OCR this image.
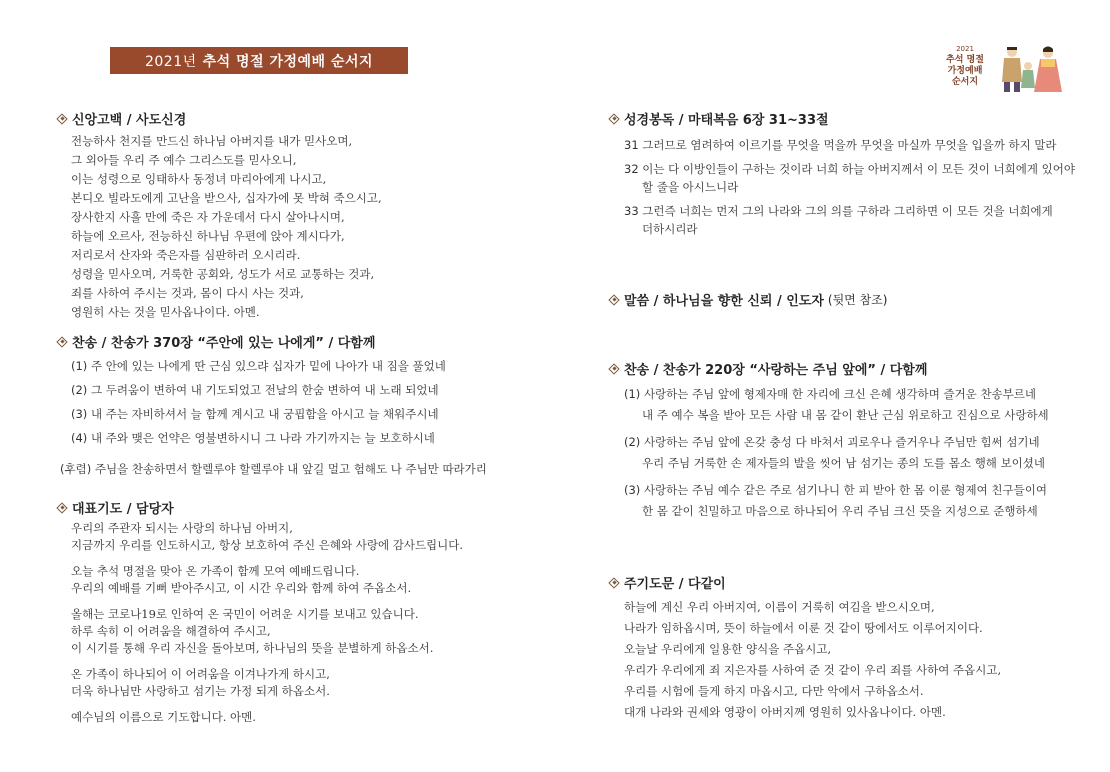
2021년 추석 명절 가정예배 순서지
2021
추석 명절
가정예배
순서지
신앙고백 / 사도신경
전능하사 천지를 만드신 하나님 아버지를 내가 믿사오며,
그 외아들 우리 주 예수 그리스도를 믿사오니,
이는 성령으로 잉태하사 동정녀 마리아에게 나시고,
본디오 빌라도에게 고난을 받으사, 십자가에 못 박혀 죽으시고,
장사한지 사흘 만에 죽은 자 가운데서 다시 살아나시며,
하늘에 오르사, 전능하신 하나님 우편에 앉아 계시다가,
저리로서 산자와 죽은자를 심판하러 오시리라.
성령을 믿사오며, 거룩한 공회와, 성도가 서로 교통하는 것과,
죄를 사하여 주시는 것과, 몸이 다시 사는 것과,
영원히 사는 것을 믿사옵나이다. 아멘.
찬송 / 찬송가 370장 “주안에 있는 나에게” / 다함께
(1) 주 안에 있는 나에게 딴 근심 있으랴 십자가 밑에 나아가 내 짐을 풀었네
(2) 그 두려움이 변하여 내 기도되었고 전날의 한숨 변하여 내 노래 되었네
(3) 내 주는 자비하셔서 늘 함께 계시고 내 궁핍함을 아시고 늘 채워주시네
(4) 내 주와 맺은 언약은 영불변하시니 그 나라 가기까지는 늘 보호하시네
(후렴) 주님을 찬송하면서 할렐루야 할렐루야 내 앞길 멀고 험해도 나 주님만 따라가리
대표기도 / 담당자
우리의 주관자 되시는 사랑의 하나님 아버지,
지금까지 우리를 인도하시고, 항상 보호하여 주신 은혜와 사랑에 감사드립니다.
오늘 추석 명절을 맞아 온 가족이 함께 모여 예배드립니다.
우리의 예배를 기뻐 받아주시고, 이 시간 우리와 함께 하여 주옵소서.
올해는 코로나19로 인하여 온 국민이 어려운 시기를 보내고 있습니다.
하루 속히 이 어려움을 해결하여 주시고,
이 시기를 통해 우리 자신을 돌아보며, 하나님의 뜻을 분별하게 하옵소서.
온 가족이 하나되어 이 어려움을 이겨나가게 하시고,
더욱 하나님만 사랑하고 섬기는 가정 되게 하옵소서.
예수님의 이름으로 기도합니다. 아멘.
성경봉독 / 마태복음 6장 31~33절
31 그러므로 염려하여 이르기를 무엇을 먹을까 무엇을 마실까 무엇을 입을까 하지 말라
32 이는 다 이방인들이 구하는 것이라 너희 하늘 아버지께서 이 모든 것이 너희에게 있어야
할 줄을 아시느니라
33 그런즉 너희는 먼저 그의 나라와 그의 의를 구하라 그리하면 이 모든 것을 너희에게
더하시리라
말씀 / 하나님을 향한 신뢰 / 인도자 (뒷면 참조)
찬송 / 찬송가 220장 “사랑하는 주님 앞에” / 다함께
(1) 사랑하는 주님 앞에 형제자매 한 자리에 크신 은혜 생각하며 즐거운 찬송부르네
내 주 예수 복을 받아 모든 사람 내 몸 같이 환난 근심 위로하고 진심으로 사랑하세
(2) 사랑하는 주님 앞에 온갖 충성 다 바쳐서 괴로우나 즐거우나 주님만 힘써 섬기네
우리 주님 거룩한 손 제자들의 발을 씻어 남 섬기는 종의 도를 몸소 행해 보이셨네
(3) 사랑하는 주님 예수 같은 주로 섬기나니 한 피 받아 한 몸 이룬 형제여 친구들이여
한 몸 같이 친밀하고 마음으로 하나되어 우리 주님 크신 뜻을 지성으로 준행하세
주기도문 / 다같이
하늘에 계신 우리 아버지여, 이름이 거룩히 여김을 받으시오며,
나라가 임하옵시며, 뜻이 하늘에서 이룬 것 같이 땅에서도 이루어지이다.
오늘날 우리에게 일용한 양식을 주옵시고,
우리가 우리에게 죄 지은자를 사하여 준 것 같이 우리 죄를 사하여 주옵시고,
우리를 시험에 들게 하지 마옵시고, 다만 악에서 구하옵소서.
대개 나라와 권세와 영광이 아버지께 영원히 있사옵나이다. 아멘.
